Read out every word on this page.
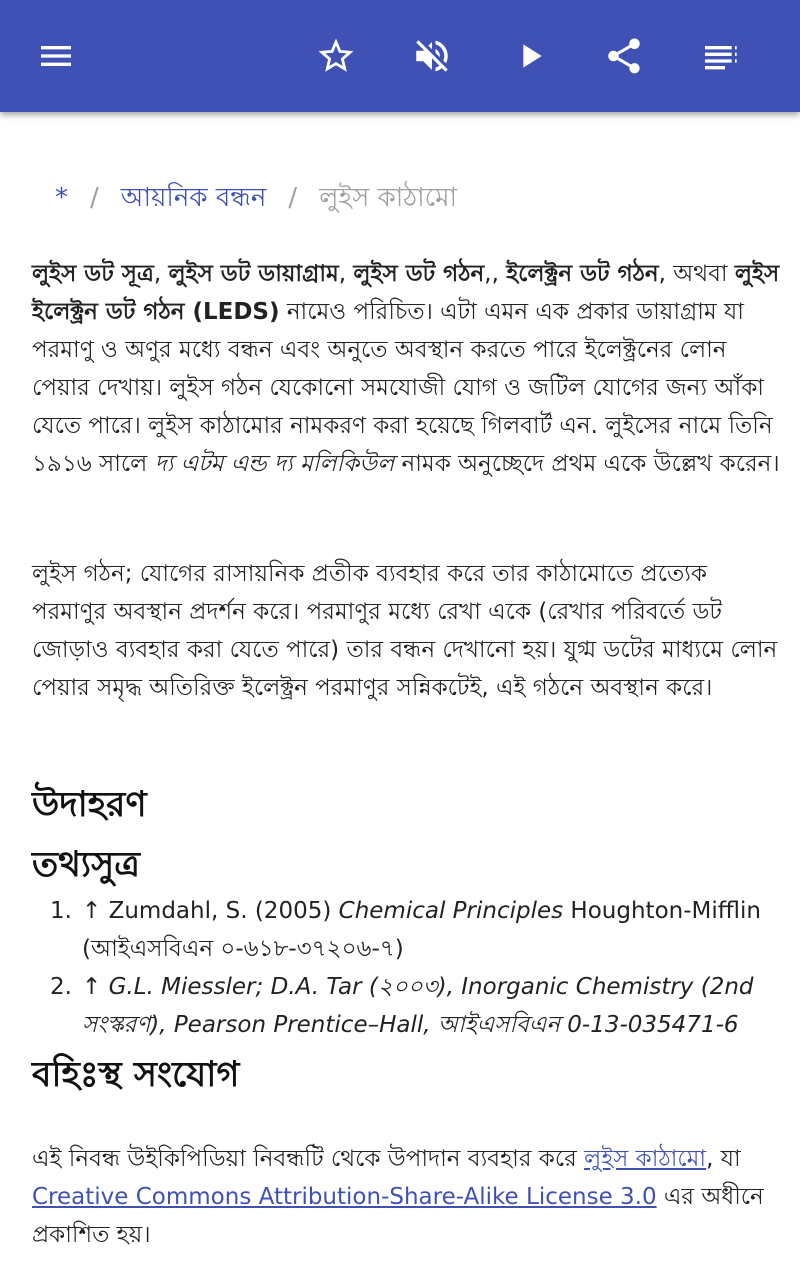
* / আয়নিক বন্ধন / লুইস কাঠামো

লুইস ডট সূত্র, লুইস ডট ডায়াগ্রাম, লুইস ডট গঠন,, ইলেক্ট্রন ডট গঠন, অথবা লুইস ইলেক্ট্রন ডট গঠন (LEDS) নামেও পরিচিত। এটা এমন এক প্রকার ডায়াগ্রাম যা পরমাণু ও অণুর মধ্যে বন্ধন এবং অনুতে অবস্থান করতে পারে ইলেক্ট্রনের লোন পেয়ার দেখায়। লুইস গঠন যেকোনো সমযোজী যোগ ও জটিল যোগের জন্য আঁকা যেতে পারে। লুইস কাঠামোর নামকরণ করা হয়েছে গিলবার্ট এন. লুইসের নামে তিনি ১৯১৬ সালে দ্য এটম এন্ড দ্য মলিকিউল নামক অনুচ্ছেদে প্রথম একে উল্লেখ করেন।

লুইস গঠন; যোগের রাসায়নিক প্রতীক ব্যবহার করে তার কাঠামোতে প্রত্যেক পরমাণুর অবস্থান প্রদর্শন করে। পরমাণুর মধ্যে রেখা একে (রেখার পরিবর্তে ডট জোড়াও ব্যবহার করা যেতে পারে) তার বন্ধন দেখানো হয়। যুগ্ম ডটের মাধ্যমে লোন পেয়ার সমৃদ্ধ অতিরিক্ত ইলেক্ট্রন পরমাণুর সন্নিকটেই, এই গঠনে অবস্থান করে।

উদাহরণ
তথ্যসুত্র
1. ↑ Zumdahl, S. (2005) Chemical Principles Houghton-Mifflin (আইএসবিএন ০-৬১৮-৩৭২০৬-৭)
2. ↑ G.L. Miessler; D.A. Tar (২০০৩), Inorganic Chemistry (2nd সংস্করণ), Pearson Prentice–Hall, আইএসবিএন 0-13-035471-6
বহিঃস্থ সংযোগ

এই নিবন্ধ উইকিপিডিয়া নিবন্ধটি থেকে উপাদান ব্যবহার করে লুইস কাঠামো, যা Creative Commons Attribution-Share-Alike License 3.0 এর অধীনে প্রকাশিত হয়।
